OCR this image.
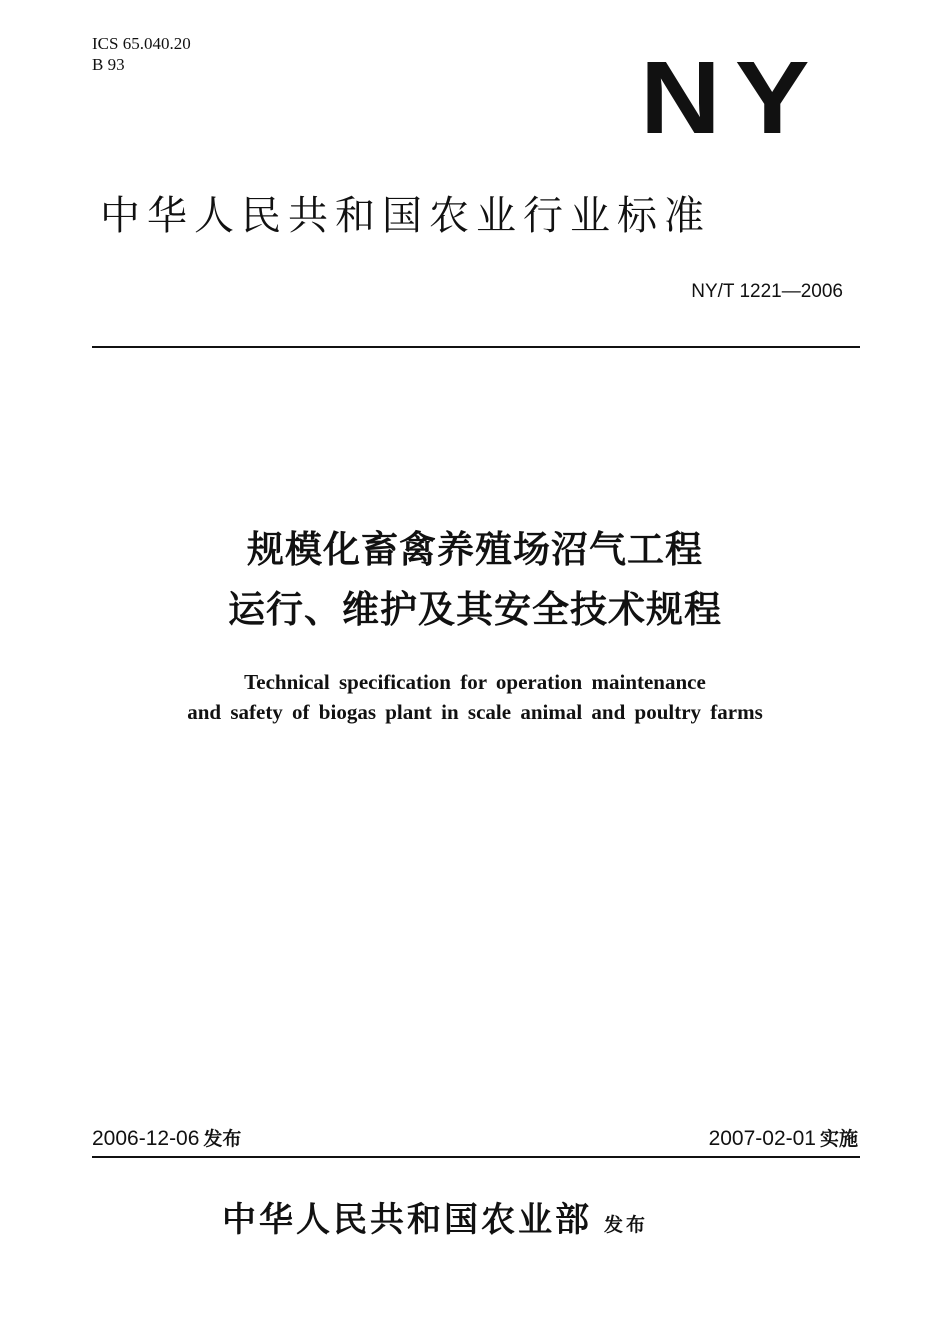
ICS 65.040.20
B 93	NY
中华人民共和国农业行业标准
NY/T 1221—2006
规模化畜禽养殖场沼气工程
运行、维护及其安全技术规程
Technical specification for operation maintenance
and safety of biogas plant in scale animal and poultry farms
2006-12-06 发布	2007-02-01 实施
中华人民共和国农业部 发布
